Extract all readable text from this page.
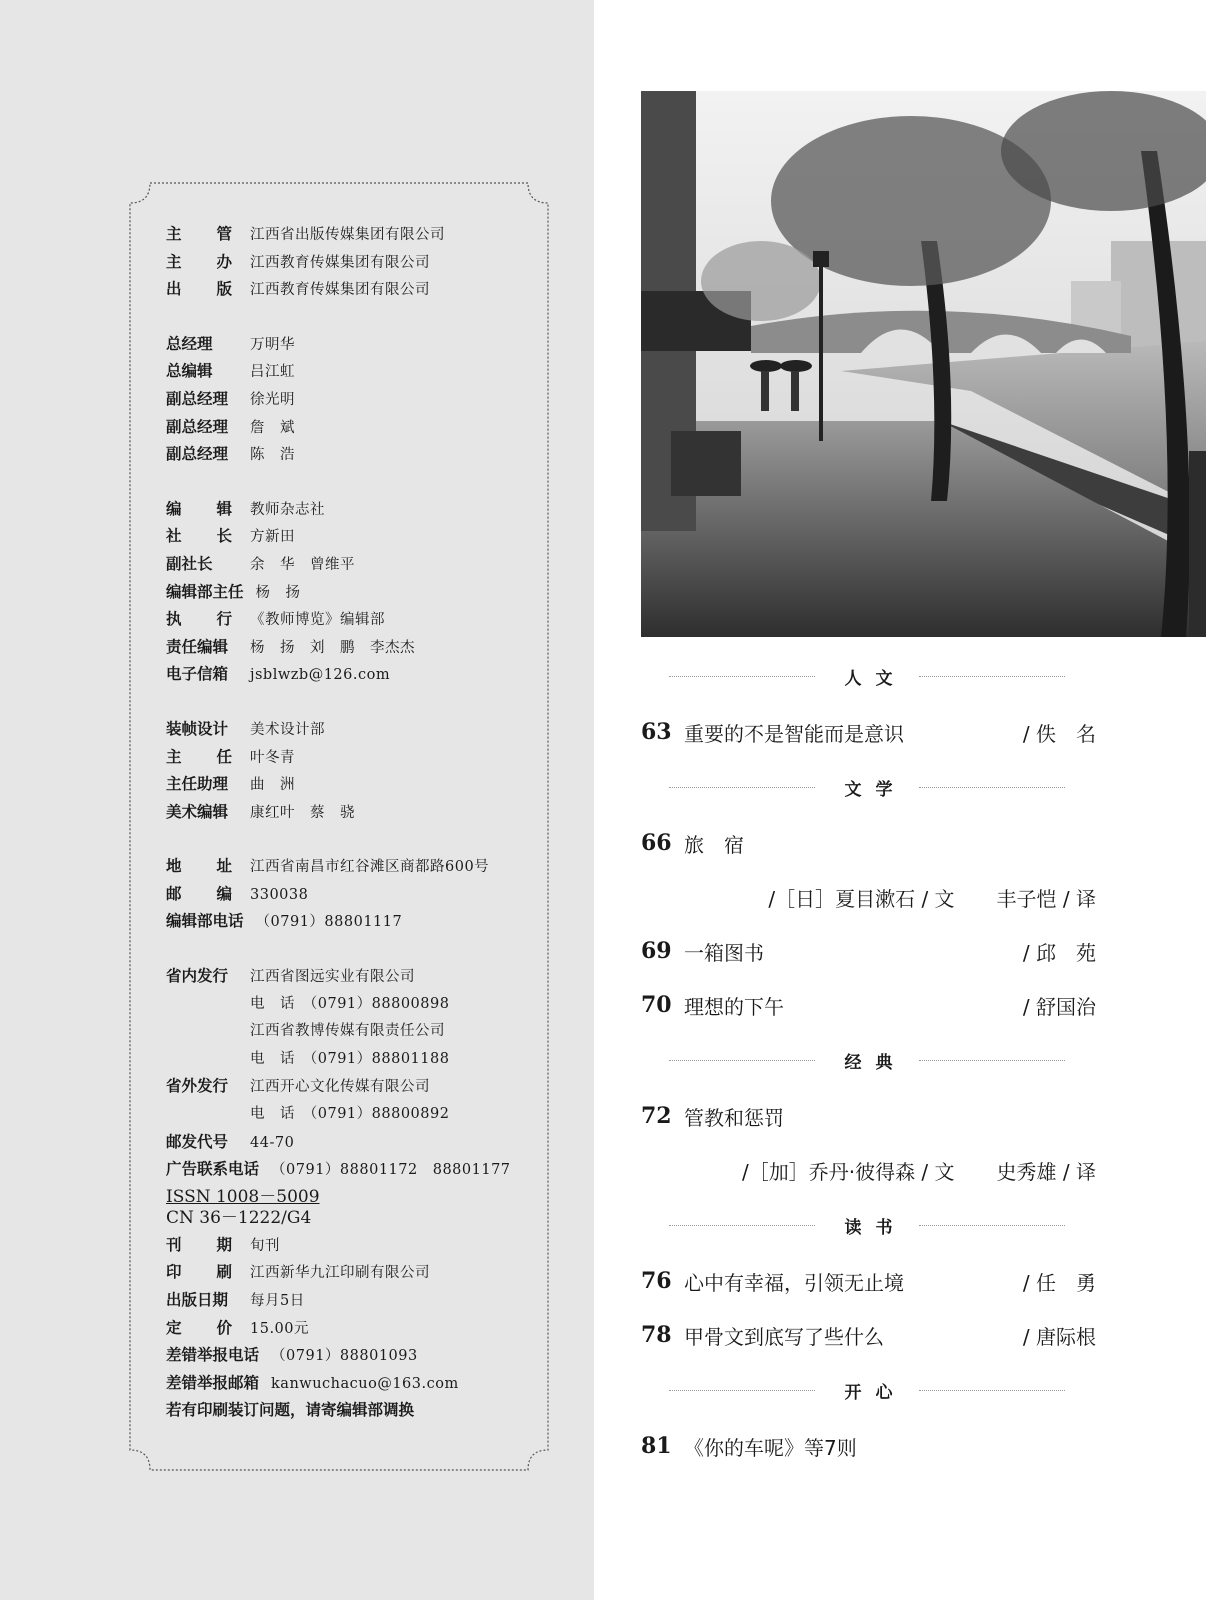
主　管 江西省出版传媒集团有限公司
主　办 江西教育传媒集团有限公司
出　版 江西教育传媒集团有限公司
总经理	万明华
总编辑	吕江虹
副总经理	徐光明
副总经理	詹　斌
副总经理	陈　浩
编　辑 教师杂志社
社　长 方新田
副社长	余　华　曾维平
编辑部主任 杨　扬
执　行 《教师博览》编辑部
责任编辑	杨　扬　刘　鹏　李杰杰
电子信箱	jsblwzb@126.com
装帧设计	美术设计部
主　任 叶冬青
主任助理	曲　洲
美术编辑	康红叶　蔡　骁
地　址 江西省南昌市红谷滩区商都路600号
邮　编 330038
编辑部电话 （0791）88801117
省内发行	江西省图远实业有限公司
电　话　（0791）88800898
江西省教博传媒有限责任公司
电　话　（0791）88801188
省外发行	江西开心文化传媒有限公司
电　话　（0791）88800892
邮发代号	44-70
广告联系电话 （0791）88801172　88801177
ISSN 1008－5009
CN 36－1222/G4
刊　期 旬刊
印　刷 江西新华九江印刷有限公司
出版日期	每月5日
定　价 15.00元
差错举报电话 （0791）88801093
差错举报邮箱 kanwuchacuo@163.com
若有印刷装订问题，请寄编辑部调换
人文
63 重要的不是智能而是意识	/ 佚　名
文学
66 旅　宿
/［日］夏目漱石 / 文 丰子恺 / 译
69 一箱图书	/ 邱　苑
70 理想的下午	/ 舒国治
经典
72 管教和惩罚
/［加］乔丹·彼得森 / 文 史秀雄 / 译
读书
76 心中有幸福，引领无止境	/ 任　勇
78 甲骨文到底写了些什么	/ 唐际根
开心
81 《你的车呢》等7则
